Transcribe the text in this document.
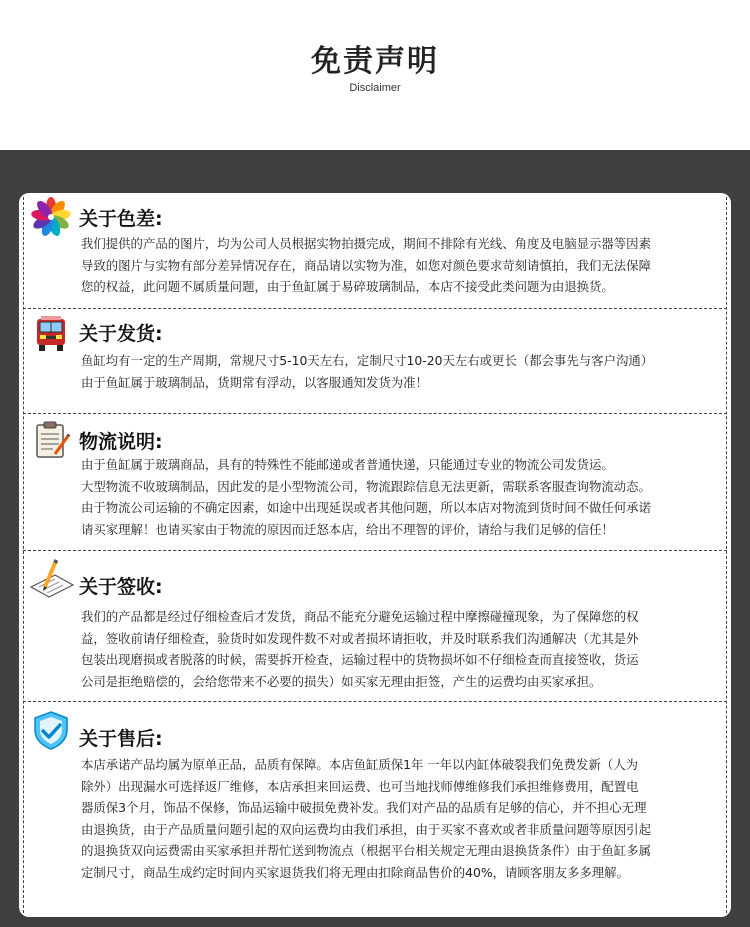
免责声明
Disclaimer
关于色差:

我们提供的产品的图片，均为公司人员根据实物拍摄完成，期间不排除有光线、角度及电脑显示器等因素

导致的图片与实物有部分差异情况存在，商品请以实物为准，如您对颜色要求苛刻请慎拍，我们无法保障

您的权益，此问题不属质量问题，由于鱼缸属于易碎玻璃制品，本店不接受此类问题为由退换货。

关于发货:

鱼缸均有一定的生产周期，常规尺寸5-10天左右，定制尺寸10-20天左右或更长（都会事先与客户沟通）

由于鱼缸属于玻璃制品，货期常有浮动，以客服通知发货为准！

物流说明:

由于鱼缸属于玻璃商品，具有的特殊性不能邮递或者普通快递，只能通过专业的物流公司发货运。

大型物流不收玻璃制品，因此发的是小型物流公司，物流跟踪信息无法更新，需联系客服查询物流动态。

由于物流公司运输的不确定因素，如途中出现延误或者其他问题，所以本店对物流到货时间不做任何承诺

请买家理解！也请买家由于物流的原因而迁怒本店，给出不理智的评价，请给与我们足够的信任！

关于签收:

我们的产品都是经过仔细检查后才发货，商品不能充分避免运输过程中摩擦碰撞现象，为了保障您的权

益，签收前请仔细检查，验货时如发现件数不对或者损坏请拒收，并及时联系我们沟通解决（尤其是外

包装出现磨损或者脱落的时候，需要拆开检查，运输过程中的货物损坏如不仔细检查而直接签收，货运

公司是拒绝赔偿的，会给您带来不必要的损失）如买家无理由拒签，产生的运费均由买家承担。

关于售后:

本店承诺产品均属为原单正品，品质有保障。本店鱼缸质保1年 一年以内缸体破裂我们免费发新（人为

除外）出现漏水可选择返厂维修，本店承担来回运费、也可当地找师傅维修我们承担维修费用，配置电

器质保3个月，饰品不保修，饰品运输中破损免费补发。我们对产品的品质有足够的信心，并不担心无理

由退换货，由于产品质量问题引起的双向运费均由我们承担，由于买家不喜欢或者非质量问题等原因引起

的退换货双向运费需由买家承担并帮忙送到物流点（根据平台相关规定无理由退换货条件）由于鱼缸多属

定制尺寸，商品生成约定时间内买家退货我们将无理由扣除商品售价的40%，请顾客朋友多多理解。
